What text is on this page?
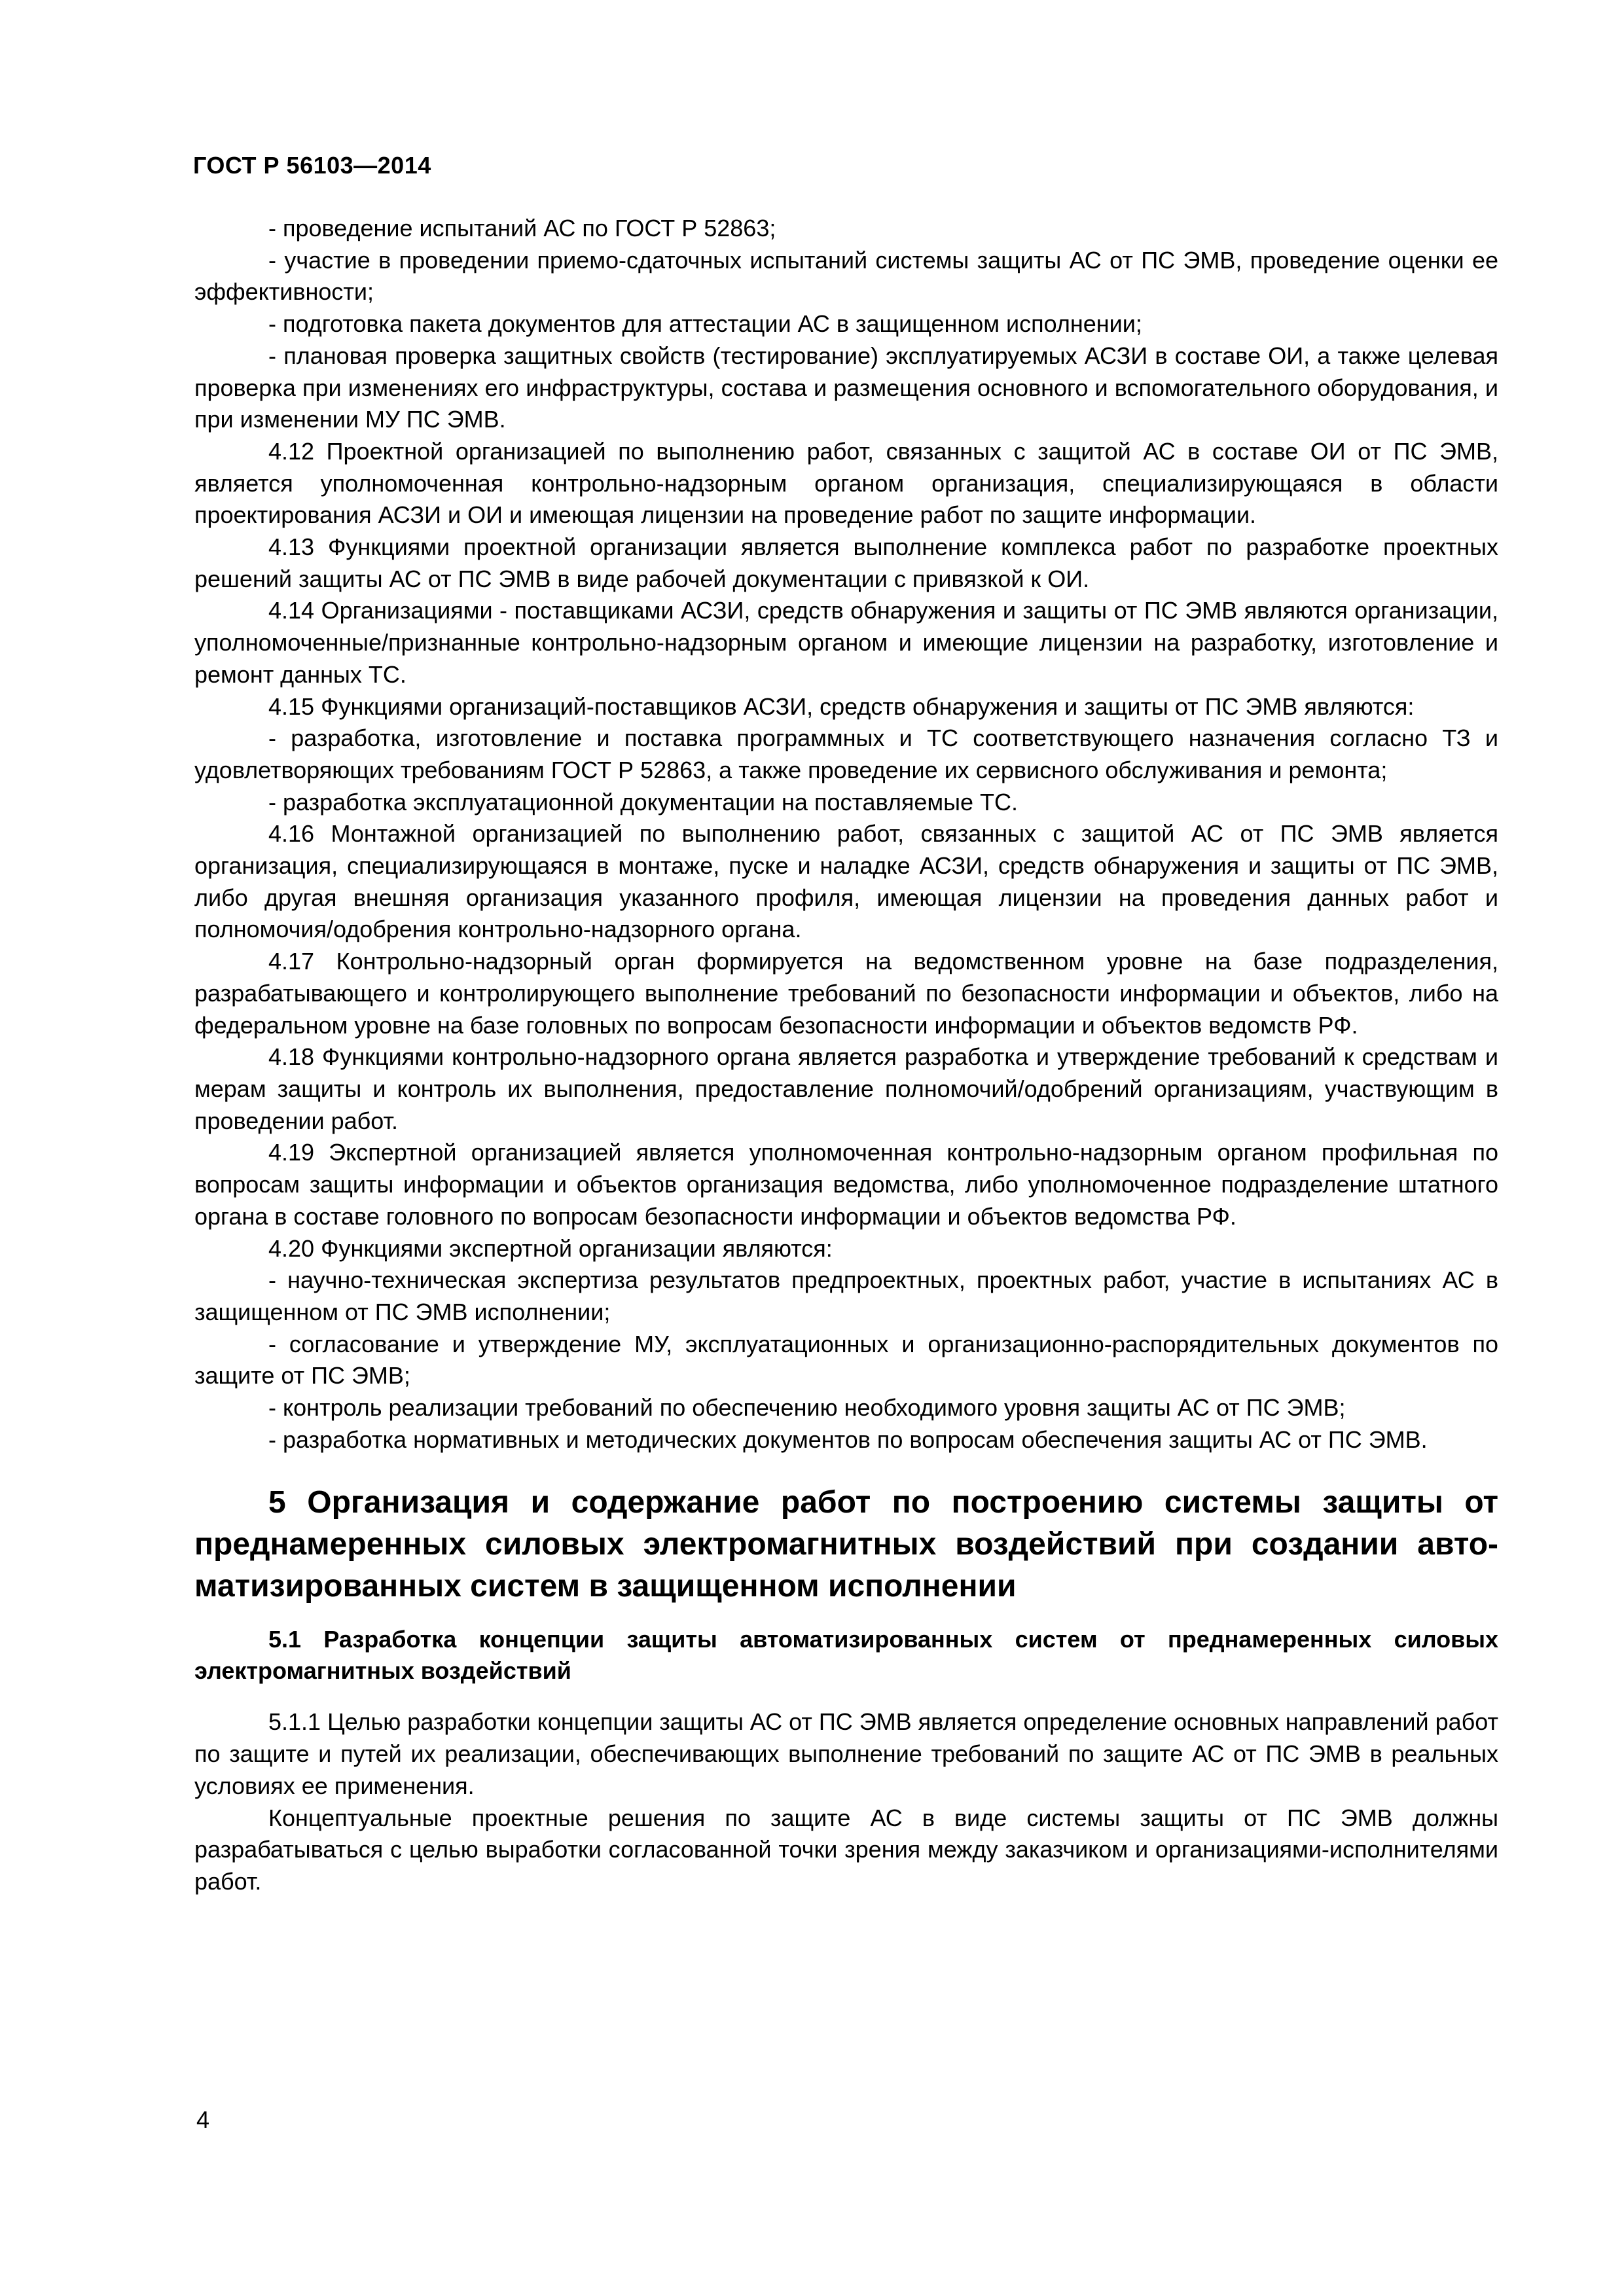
ГОСТ Р 56103—2014

- проведение испытаний АС по ГОСТ Р 52863;

- участие в проведении приемо-сдаточных испытаний системы защиты АС от ПС ЭМВ, проведение оценки ее эффективности;

- подготовка пакета документов для аттестации АС в защищенном исполнении;

- плановая проверка защитных свойств (тестирование) эксплуатируемых АСЗИ в составе ОИ, а также целевая проверка при изменениях его инфраструктуры, состава и размещения основного и вспомогательного оборудования, и при изменении МУ ПС ЭМВ.

4.12 Проектной организацией по выполнению работ, связанных с защитой АС в составе ОИ от ПС ЭМВ, является уполномоченная контрольно-надзорным органом организация, специализирующаяся в области проектирования АСЗИ и ОИ и имеющая лицензии на проведение работ по защите информации.

4.13 Функциями проектной организации является выполнение комплекса работ по разработке проектных решений защиты АС от ПС ЭМВ в виде рабочей документации с привязкой к ОИ.

4.14 Организациями - поставщиками АСЗИ, средств обнаружения и защиты от ПС ЭМВ являются организации, уполномоченные/признанные контрольно-надзорным органом и имеющие лицензии на разработку, изготовление и ремонт данных ТС.

4.15 Функциями организаций-поставщиков АСЗИ, средств обнаружения и защиты от ПС ЭМВ являются:

- разработка, изготовление и поставка программных и ТС соответствующего назначения согласно ТЗ и удовлетворяющих требованиям ГОСТ Р 52863, а также проведение их сервисного обслуживания и ремонта;

- разработка эксплуатационной документации на поставляемые ТС.

4.16 Монтажной организацией по выполнению работ, связанных с защитой АС от ПС ЭМВ является организация, специализирующаяся в монтаже, пуске и наладке АСЗИ, средств обнаружения и защиты от ПС ЭМВ, либо другая внешняя организация указанного профиля, имеющая лицензии на проведения данных работ и полномочия/одобрения контрольно-надзорного органа.

4.17 Контрольно-надзорный орган формируется на ведомственном уровне на базе подразделения, разрабатывающего и контролирующего выполнение требований по безопасности информации и объектов, либо на федеральном уровне на базе головных по вопросам безопасности информации и объектов ведомств РФ.

4.18 Функциями контрольно-надзорного органа является разработка и утверждение требований к средствам и мерам защиты и контроль их выполнения, предоставление полномочий/одобрений организациям, участвующим в проведении работ.

4.19 Экспертной организацией является уполномоченная контрольно-надзорным органом профильная по вопросам защиты информации и объектов организация ведомства, либо уполномоченное подразделение штатного органа в составе головного по вопросам безопасности информации и объектов ведомства РФ.

4.20 Функциями экспертной организации являются:

- научно-техническая экспертиза результатов предпроектных, проектных работ, участие в испытаниях АС в защищенном от ПС ЭМВ исполнении;

- согласование и утверждение МУ, эксплуатационных и организационно-распорядительных документов по защите от ПС ЭМВ;

- контроль реализации требований по обеспечению необходимого уровня защиты АС от ПС ЭМВ;

- разработка нормативных и методических документов по вопросам обеспечения защиты АС от ПС ЭМВ.

5 Организация и содержание работ по построению системы защиты от преднамеренных силовых электромагнитных воздействий при создании автоматизированных систем в защищенном исполнении

5.1 Разработка концепции защиты автоматизированных систем от преднамеренных силовых электромагнитных воздействий

5.1.1 Целью разработки концепции защиты АС от ПС ЭМВ является определение основных направлений работ по защите и путей их реализации, обеспечивающих выполнение требований по защите АС от ПС ЭМВ в реальных условиях ее применения.

Концептуальные проектные решения по защите АС в виде системы защиты от ПС ЭМВ должны разрабатываться с целью выработки согласованной точки зрения между заказчиком и организациями-исполнителями работ.

4
